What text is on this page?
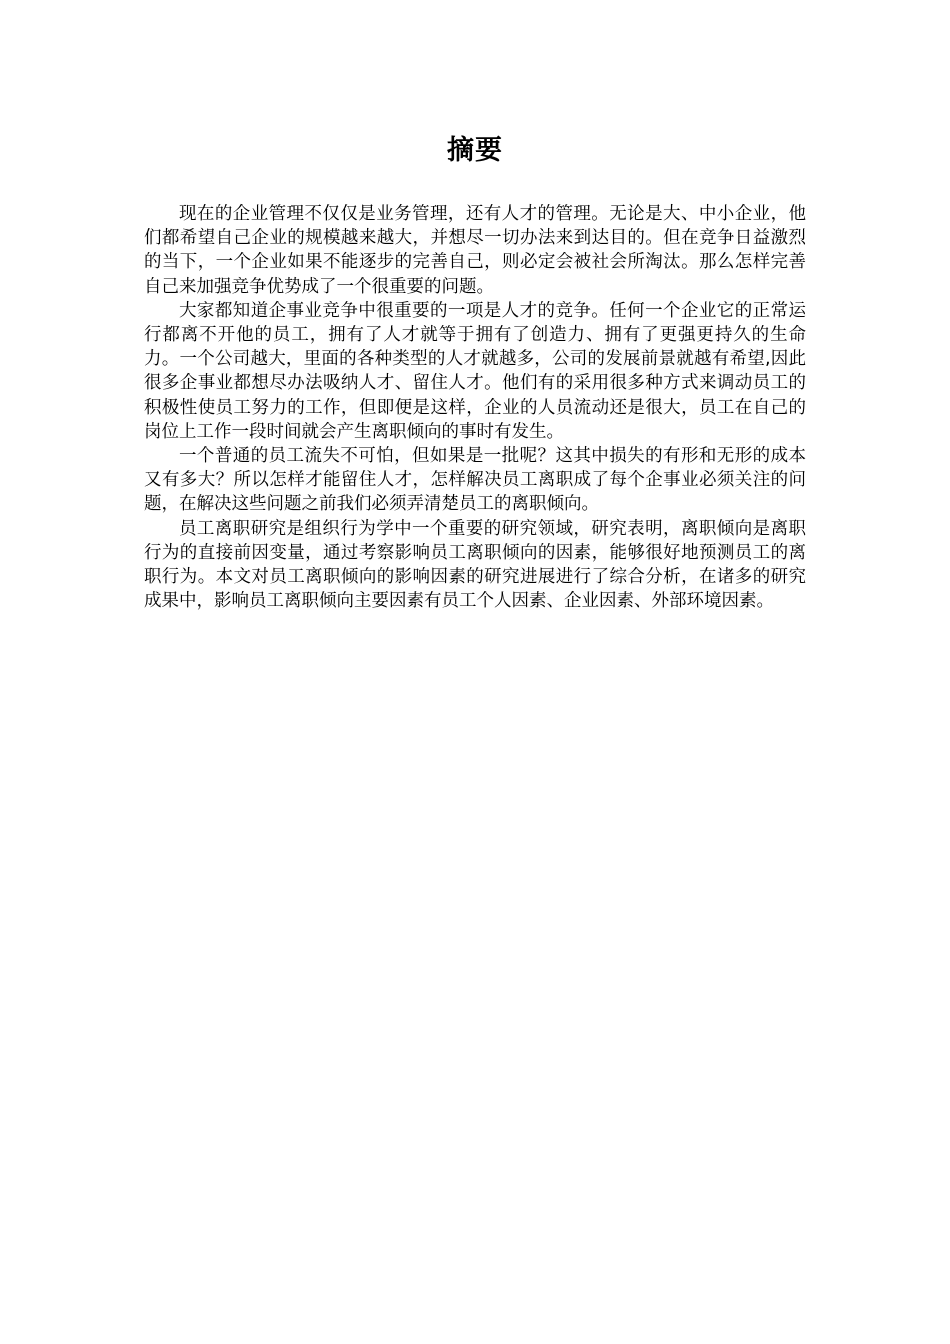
摘要

现在的企业管理不仅仅是业务管理，还有人才的管理。无论是大、中小企业，他们都希望自己企业的规模越来越大，并想尽一切办法来到达目的。但在竞争日益激烈的当下，一个企业如果不能逐步的完善自己，则必定会被社会所淘汰。那么怎样完善自己来加强竞争优势成了一个很重要的问题。

大家都知道企事业竞争中很重要的一项是人才的竞争。任何一个企业它的正常运行都离不开他的员工，拥有了人才就等于拥有了创造力、拥有了更强更持久的生命力。一个公司越大，里面的各种类型的人才就越多，公司的发展前景就越有希望,因此很多企事业都想尽办法吸纳人才、留住人才。他们有的采用很多种方式来调动员工的积极性使员工努力的工作，但即便是这样，企业的人员流动还是很大，员工在自己的岗位上工作一段时间就会产生离职倾向的事时有发生。

一个普通的员工流失不可怕，但如果是一批呢？这其中损失的有形和无形的成本又有多大？所以怎样才能留住人才，怎样解决员工离职成了每个企事业必须关注的问题，在解决这些问题之前我们必须弄清楚员工的离职倾向。

员工离职研究是组织行为学中一个重要的研究领域，研究表明，离职倾向是离职行为的直接前因变量，通过考察影响员工离职倾向的因素，能够很好地预测员工的离职行为。本文对员工离职倾向的影响因素的研究进展进行了综合分析，在诸多的研究成果中，影响员工离职倾向主要因素有员工个人因素、企业因素、外部环境因素。
